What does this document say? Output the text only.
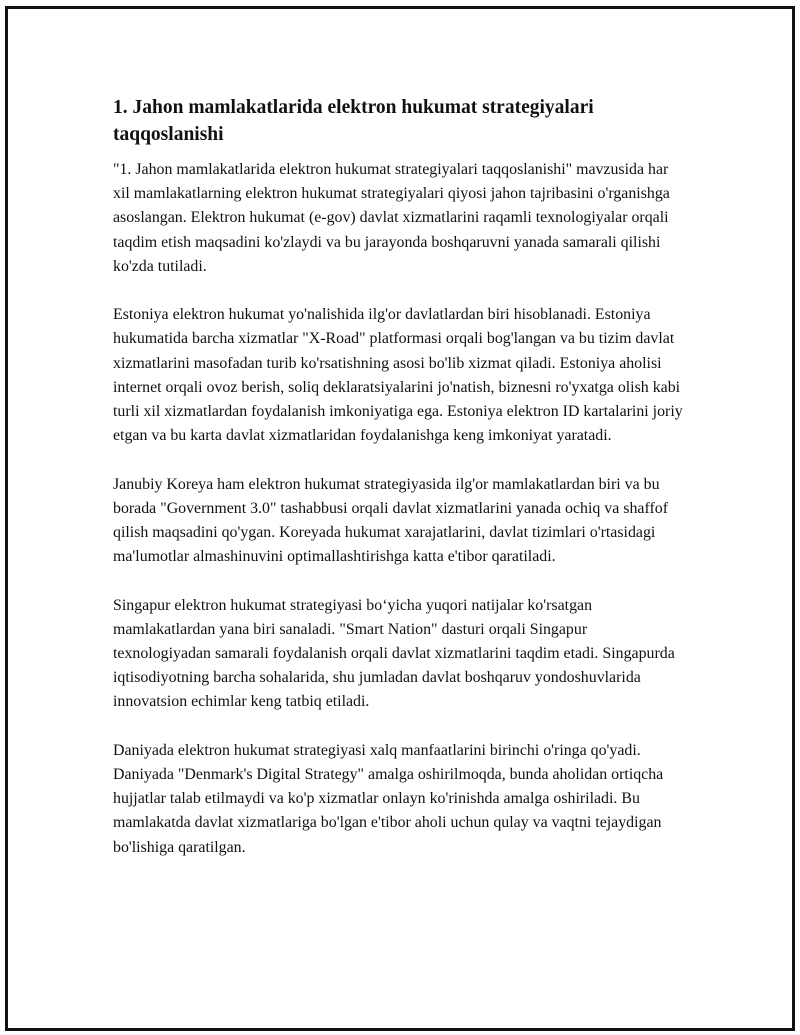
1. Jahon mamlakatlarida elektron hukumat strategiyalari taqqoslanishi

"1. Jahon mamlakatlarida elektron hukumat strategiyalari taqqoslanishi" mavzusida har xil mamlakatlarning elektron hukumat strategiyalari qiyosi jahon tajribasini o'rganishga asoslangan. Elektron hukumat (e-gov) davlat xizmatlarini raqamli texnologiyalar orqali taqdim etish maqsadini ko'zlaydi va bu jarayonda boshqaruvni yanada samarali qilishi ko'zda tutiladi.

Estoniya elektron hukumat yo'nalishida ilg'or davlatlardan biri hisoblanadi. Estoniya hukumatida barcha xizmatlar "X-Road" platformasi orqali bog'langan va bu tizim davlat xizmatlarini masofadan turib ko'rsatishning asosi bo'lib xizmat qiladi. Estoniya aholisi internet orqali ovoz berish, soliq deklaratsiyalarini jo'natish, biznesni ro'yxatga olish kabi turli xil xizmatlardan foydalanish imkoniyatiga ega. Estoniya elektron ID kartalarini joriy etgan va bu karta davlat xizmatlaridan foydalanishga keng imkoniyat yaratadi.

Janubiy Koreya ham elektron hukumat strategiyasida ilg'or mamlakatlardan biri va bu borada "Government 3.0" tashabbusi orqali davlat xizmatlarini yanada ochiq va shaffof qilish maqsadini qo'ygan. Koreyada hukumat xarajatlarini, davlat tizimlari o'rtasidagi ma'lumotlar almashinuvini optimallashtirishga katta e'tibor qaratiladi.

Singapur elektron hukumat strategiyasi bo‘yicha yuqori natijalar ko'rsatgan mamlakatlardan yana biri sanaladi. "Smart Nation" dasturi orqali Singapur texnologiyadan samarali foydalanish orqali davlat xizmatlarini taqdim etadi. Singapurda iqtisodiyotning barcha sohalarida, shu jumladan davlat boshqaruv yondoshuvlarida innovatsion echimlar keng tatbiq etiladi.

Daniyada elektron hukumat strategiyasi xalq manfaatlarini birinchi o'ringa qo'yadi. Daniyada "Denmark's Digital Strategy" amalga oshirilmoqda, bunda aholidan ortiqcha hujjatlar talab etilmaydi va ko'p xizmatlar onlayn ko'rinishda amalga oshiriladi. Bu mamlakatda davlat xizmatlariga bo'lgan e'tibor aholi uchun qulay va vaqtni tejaydigan bo'lishiga qaratilgan.
